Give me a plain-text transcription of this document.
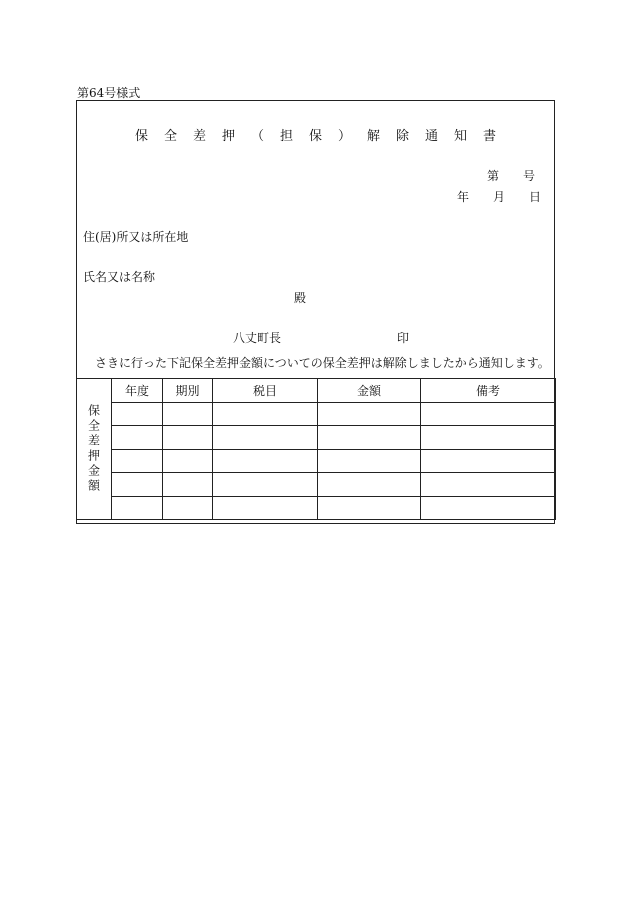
第64号様式
保 全 差 押 （ 担 保 ） 解 除 通 知 書
第 号
年 月 日
住(居)所又は所在地
氏名又は名称
殿
八丈町長	印
さきに行った下記保全差押金額についての保全差押は解除しましたから通知します。
保全差押金額	年度	期別	税目	金額	備考
